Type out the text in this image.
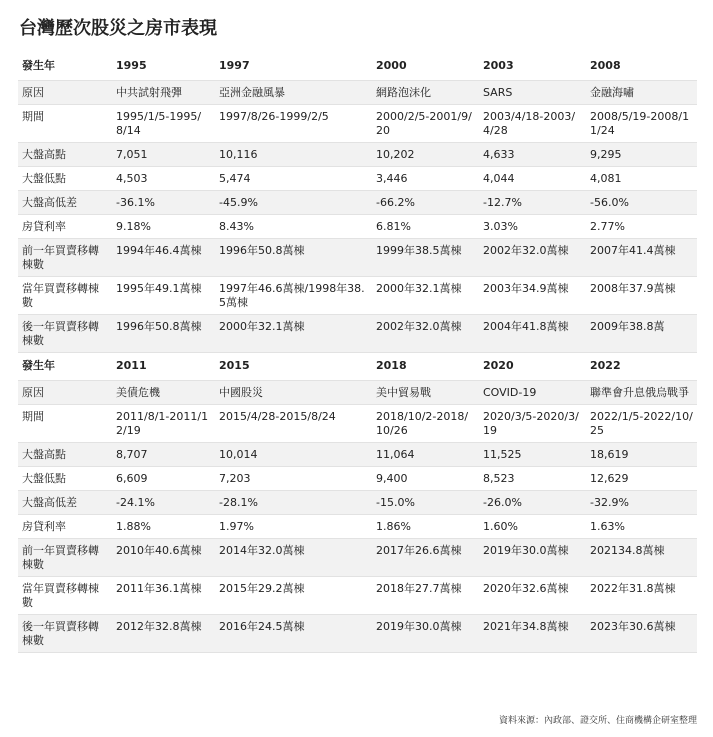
台灣歷次股災之房市表現
發生年	1995	1997	2000	2003	2008
原因	中共試射飛彈	亞洲金融風暴	網路泡沫化	SARS	金融海嘯
期間	1995/1/5-1995/8/14	1997/8/26-1999/2/5	2000/2/5-2001/9/20	2003/4/18-2003/4/28	2008/5/19-2008/11/24
大盤高點	7,051	10,116	10,202	4,633	9,295
大盤低點	4,503	5,474	3,446	4,044	4,081
大盤高低差	-36.1%	-45.9%	-66.2%	-12.7%	-56.0%
房貸利率	9.18%	8.43%	6.81%	3.03%	2.77%
前一年買賣移轉棟數	1994年46.4萬棟	1996年50.8萬棟	1999年38.5萬棟	2002年32.0萬棟	2007年41.4萬棟
當年買賣移轉棟數	1995年49.1萬棟	1997年46.6萬棟/1998年38.5萬棟	2000年32.1萬棟	2003年34.9萬棟	2008年37.9萬棟
後一年買賣移轉棟數	1996年50.8萬棟	2000年32.1萬棟	2002年32.0萬棟	2004年41.8萬棟	2009年38.8萬
發生年	2011	2015	2018	2020	2022
原因	美債危機	中國股災	美中貿易戰	COVID-19	聯準會升息俄烏戰爭
期間	2011/8/1-2011/12/19	2015/4/28-2015/8/24	2018/10/2-2018/10/26	2020/3/5-2020/3/19	2022/1/5-2022/10/25
大盤高點	8,707	10,014	11,064	11,525	18,619
大盤低點	6,609	7,203	9,400	8,523	12,629
大盤高低差	-24.1%	-28.1%	-15.0%	-26.0%	-32.9%
房貸利率	1.88%	1.97%	1.86%	1.60%	1.63%
前一年買賣移轉棟數	2010年40.6萬棟	2014年32.0萬棟	2017年26.6萬棟	2019年30.0萬棟	202134.8萬棟
當年買賣移轉棟數	2011年36.1萬棟	2015年29.2萬棟	2018年27.7萬棟	2020年32.6萬棟	2022年31.8萬棟
後一年買賣移轉棟數	2012年32.8萬棟	2016年24.5萬棟	2019年30.0萬棟	2021年34.8萬棟	2023年30.6萬棟
資料來源：內政部、證交所、住商機構企研室整理
